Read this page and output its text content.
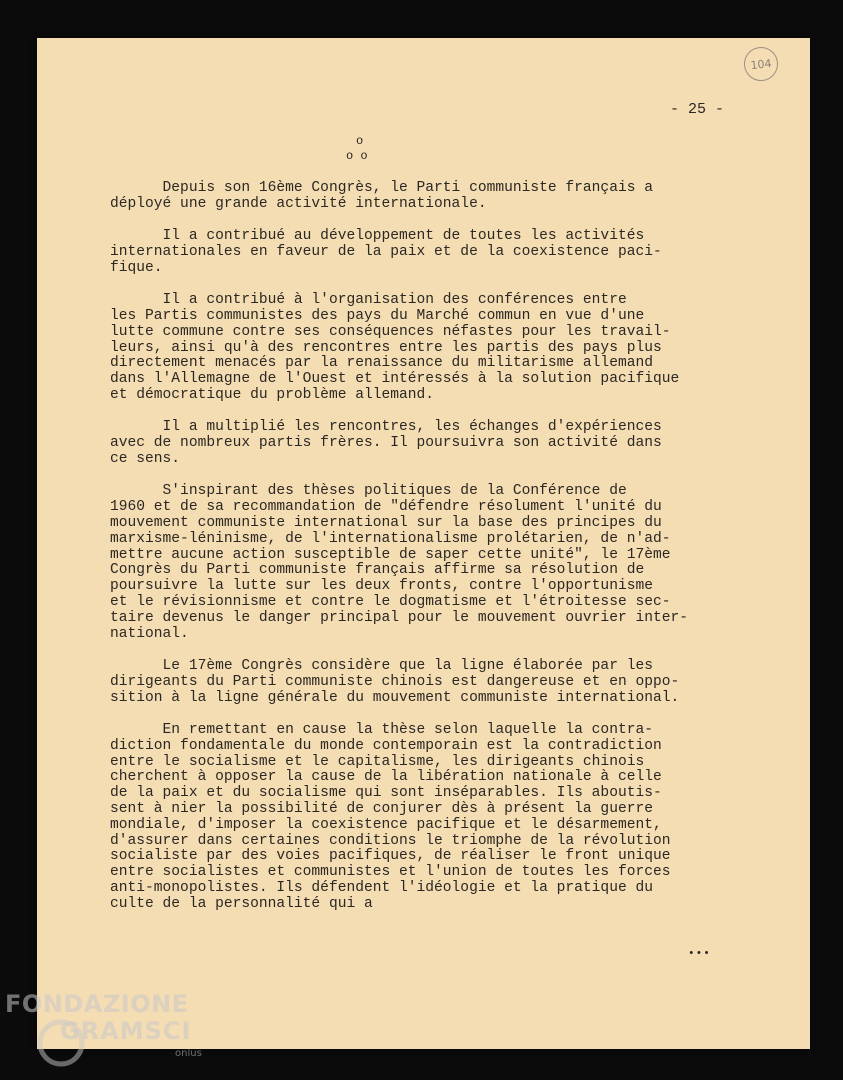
104
- 25 -
o
o o
Depuis son 16ème Congrès, le Parti communiste français a
déployé une grande activité internationale.
Il a contribué au développement de toutes les activités
internationales en faveur de la paix et de la coexistence paci-
fique.
Il a contribué à l'organisation des conférences entre
les Partis communistes des pays du Marché commun en vue d'une
lutte commune contre ses conséquences néfastes pour les travail-
leurs, ainsi qu'à des rencontres entre les partis des pays plus
directement menacés par la renaissance du militarisme allemand
dans l'Allemagne de l'Ouest et intéressés à la solution pacifique
et démocratique du problème allemand.
Il a multiplié les rencontres, les échanges d'expériences
avec de nombreux partis frères. Il poursuivra son activité dans
ce sens.
S'inspirant des thèses politiques de la Conférence de
1960 et de sa recommandation de "défendre résolument l'unité du
mouvement communiste international sur la base des principes du
marxisme-léninisme, de l'internationalisme prolétarien, de n'ad-
mettre aucune action susceptible de saper cette unité", le 17ème
Congrès du Parti communiste français affirme sa résolution de
poursuivre la lutte sur les deux fronts, contre l'opportunisme
et le révisionnisme et contre le dogmatisme et l'étroitesse sec-
taire devenus le danger principal pour le mouvement ouvrier inter-
national.
Le 17ème Congrès considère que la ligne élaborée par les
dirigeants du Parti communiste chinois est dangereuse et en oppo-
sition à la ligne générale du mouvement communiste international.
En remettant en cause la thèse selon laquelle la contra-
diction fondamentale du monde contemporain est la contradiction
entre le socialisme et le capitalisme, les dirigeants chinois
cherchent à opposer la cause de la libération nationale à celle
de la paix et du socialisme qui sont inséparables. Ils aboutis-
sent à nier la possibilité de conjurer dès à présent la guerre
mondiale, d'imposer la coexistence pacifique et le désarmement,
d'assurer dans certaines conditions le triomphe de la révolution
socialiste par des voies pacifiques, de réaliser le front unique
entre socialistes et communistes et l'union de toutes les forces
anti-monopolistes. Ils défendent l'idéologie et la pratique du
culte de la personnalité qui a
•••
FONDAZIONE
GRAMSCI
onlus
